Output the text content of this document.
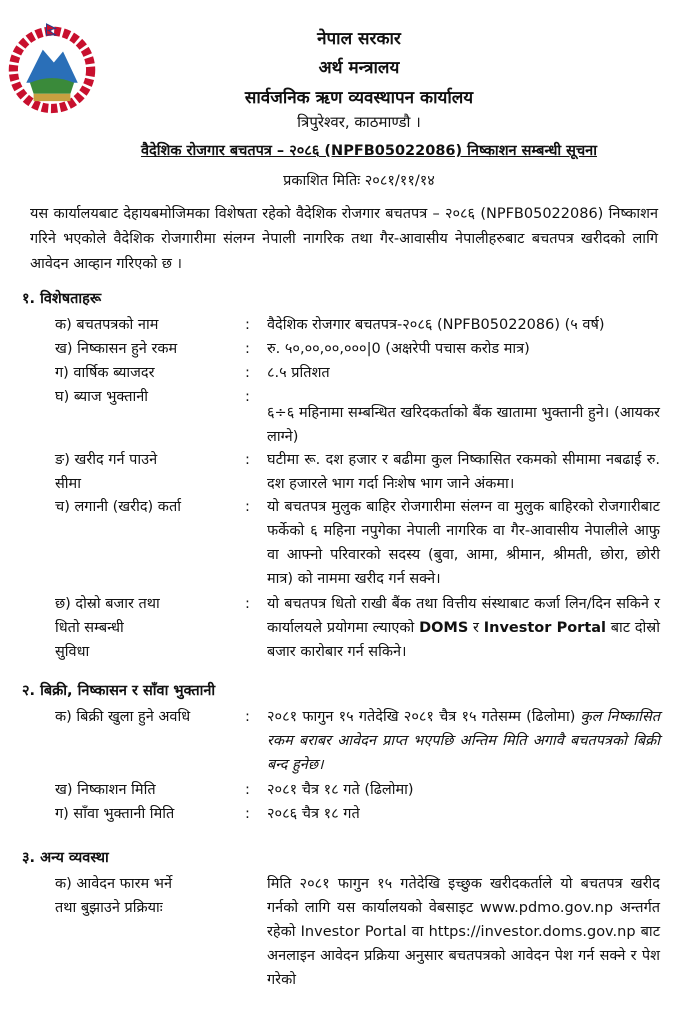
नेपाल सरकार
अर्थ मन्त्रालय
सार्वजनिक ऋण व्यवस्थापन कार्यालय
त्रिपुरेश्वर, काठमाण्डौ ।
वैदेशिक रोजगार बचतपत्र – २०८६ (NPFB05022086) निष्काशन सम्बन्धी सूचना
प्रकाशित मितिः २०८१/११/१४
यस कार्यालयबाट देहायबमोजिमका विशेषता रहेको वैदेशिक रोजगार बचतपत्र – २०८६ (NPFB05022086) निष्काशन गरिने भएकोले वैदेशिक रोजगारीमा संलग्न नेपाली नागरिक तथा गैर-आवासीय नेपालीहरुबाट बचतपत्र खरीदको लागि आवेदन आव्हान गरिएको छ ।
१. विशेषताहरू
क) बचतपत्रको नाम	:	वैदेशिक रोजगार बचतपत्र-२०८६ (NPFB05022086) (५ वर्ष)
ख) निष्कासन हुने रकम	:	रु. ५०,००,००,०००|0 (अक्षरेपी पचास करोड मात्र)
ग) वार्षिक ब्याजदर	:	८.५ प्रतिशत
घ) ब्याज भुक्तानी	:
६÷६ महिनामा सम्बन्धित खरिदकर्ताको बैंक खातामा भुक्तानी हुने। (आयकर लाग्ने)
ङ) खरीद गर्न पाउने
सीमा
:	घटीमा रू. दश हजार र बढीमा कुल निष्कासित रकमको सीमामा नबढाई रु. दश हजारले भाग गर्दा निःशेष भाग जाने अंकमा।
च) लगानी (खरीद) कर्ता	:	यो बचतपत्र मुलुक बाहिर रोजगारीमा संलग्न वा मुलुक बाहिरको रोजगारीबाट फर्केको ६ महिना नपुगेका नेपाली नागरिक वा गैर-आवासीय नेपालीले आफु वा आफ्नो परिवारको सदस्य (बुवा, आमा, श्रीमान, श्रीमती, छोरा, छोरी मात्र) को नाममा खरीद गर्न सक्ने।
छ) दोस्रो बजार तथा
धितो सम्बन्धी
सुविधा
:	यो बचतपत्र धितो राखी बैंक तथा वित्तीय संस्थाबाट कर्जा लिन/दिन सकिने र कार्यालयले प्रयोगमा ल्याएको DOMS र Investor Portal बाट दोस्रो बजार कारोबार गर्न सकिने।
२. बिक्री, निष्कासन र साँवा भुक्तानी
क) बिक्री खुला हुने अवधि	:	२०८१ फागुन १५ गतेदेखि २०८१ चैत्र १५ गतेसम्म (ढिलोमा) कुल निष्कासित रकम बराबर आवेदन प्राप्त भएपछि अन्तिम मिति अगावै बचतपत्रको बिक्री बन्द हुनेछ।
ख) निष्काशन मिति	:	२०८१ चैत्र १८ गते (ढिलोमा)
ग) साँवा भुक्तानी मिति	:	२०८६ चैत्र १८ गते
३. अन्य व्यवस्था
क) आवेदन फारम भर्ने
तथा बुझाउने प्रक्रियाः
मिति २०८१ फागुन १५ गतेदेखि इच्छुक खरीदकर्ताले यो बचतपत्र खरीद गर्नको लागि यस कार्यालयको वेबसाइट www.pdmo.gov.np अन्तर्गत रहेको Investor Portal वा https://investor.doms.gov.np बाट अनलाइन आवेदन प्रक्रिया अनुसार बचतपत्रको आवेदन पेश गर्न सक्ने र पेश गरेको
